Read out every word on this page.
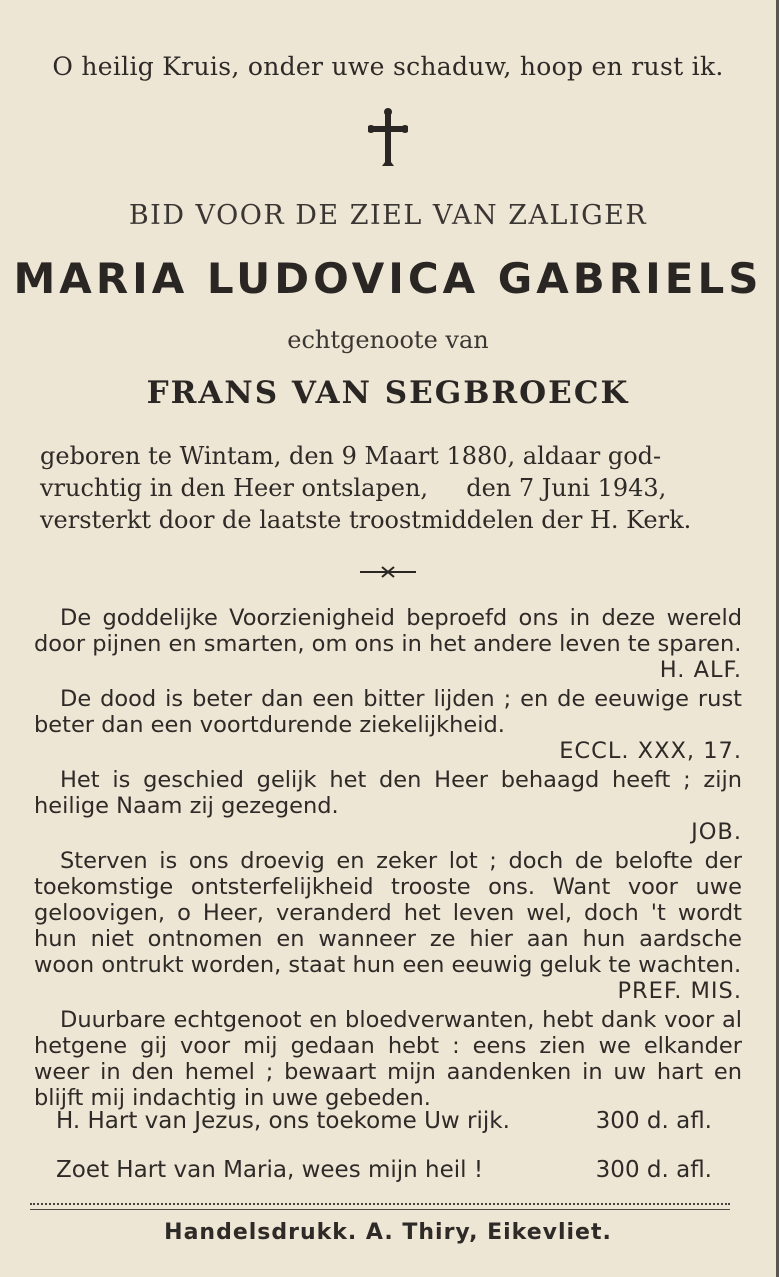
O heilig Kruis, onder uwe schaduw, hoop en rust ik.
BID VOOR DE ZIEL VAN ZALIGER
MARIA LUDOVICA GABRIELS
echtgenoote van
FRANS VAN SEGBROECK
geboren te Wintam, den 9 Maart 1880, aldaar god-
vruchtig in den Heer ontslapen,     den 7 Juni 1943,
versterkt door de laatste troostmiddelen der H. Kerk.
De goddelijke Voorzienigheid beproefd ons in deze wereld door pijnen en smarten, om ons in het andere leven te sparen.
H. ALF.
De dood is beter dan een bitter lijden ; en de eeuwige rust beter dan een voortdurende ziekelijkheid.
ECCL. XXX, 17.
Het is geschied gelijk het den Heer behaagd heeft ; zijn heilige Naam zij gezegend.
JOB.
Sterven is ons droevig en zeker lot ; doch de belofte der toekomstige ontsterfelijkheid trooste ons. Want voor uwe geloovigen, o Heer, veranderd het leven wel, doch 't wordt hun niet ontnomen en wanneer ze hier aan hun aardsche woon ontrukt worden, staat hun een eeuwig geluk te wachten.
PREF. MIS.
Duurbare echtgenoot en bloedverwanten, hebt dank voor al hetgene gij voor mij gedaan hebt : eens zien we elkander weer in den hemel ; bewaart mijn aandenken in uw hart en blijft mij indachtig in uwe gebeden.
H. Hart van Jezus, ons toekome Uw rijk.	300 d. afl.
Zoet Hart van Maria, wees mijn heil !	300 d. afl.
Handelsdrukk. A. Thiry, Eikevliet.
